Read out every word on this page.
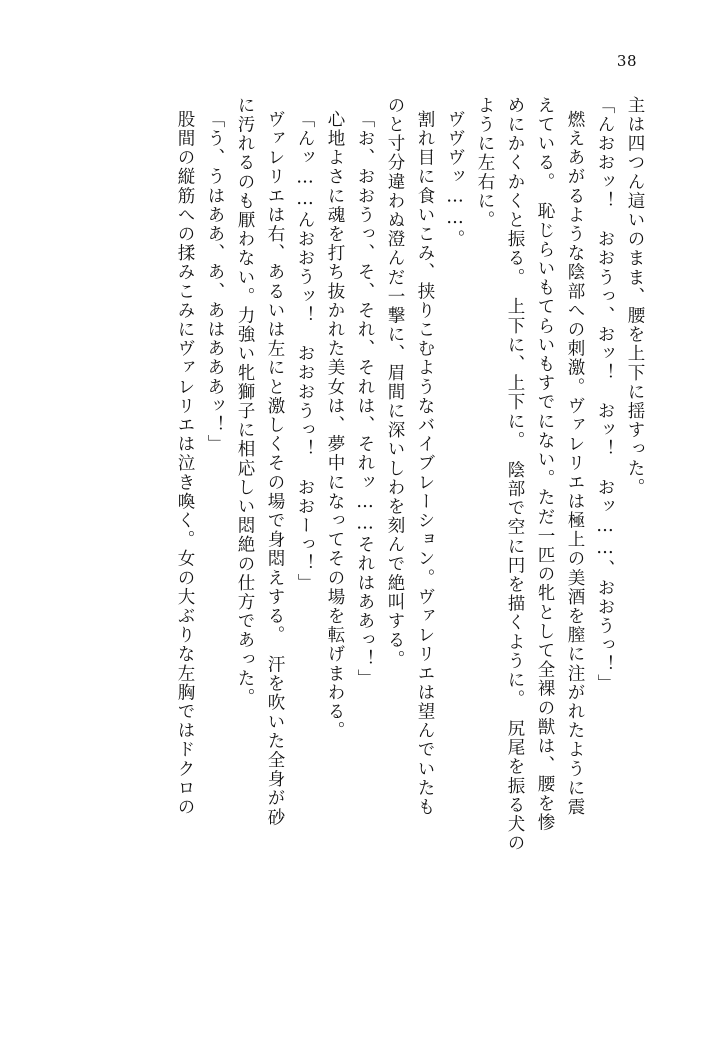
38
主は四つん這いのまま、腰を上下に揺すった。
「んおおッ！　おおうっ、おッ！　おッ！　おッ……、おおうっ！」
燃えあがるような陰部への刺激。ヴァレリエは極上の美酒を膣に注がれたように震
えている。　恥じらいもてらいもすでにない。ただ一匹の牝として全裸の獣は、腰を惨
めにかくかくと振る。　上下に、上下に。　陰部で空に円を描くように。　尻尾を振る犬の
ように左右に。
ヴヴヴッ……。
割れ目に食いこみ、挟りこむようなバイブレーション。ヴァレリエは望んでいたも
のと寸分違わぬ澄んだ一撃に、眉間に深いしわを刻んで絶叫する。
「お、おおうっ、そ、それ、それは、それッ……それはああっ！」
心地よさに魂を打ち抜かれた美女は、夢中になってその場を転げまわる。
「んッ……んおおうッ！　おおおうっ！　おおーっ！」
ヴァレリエは右、あるいは左にと激しくその場で身悶えする。　汗を吹いた全身が砂
に汚れるのも厭わない。力強い牝獅子に相応しい悶絶の仕方であった。
「う、うはああ、あ、あはあああッ！」
股間の縦筋への揉みこみにヴァレリエは泣き喚く。女の大ぶりな左胸ではドクロの
